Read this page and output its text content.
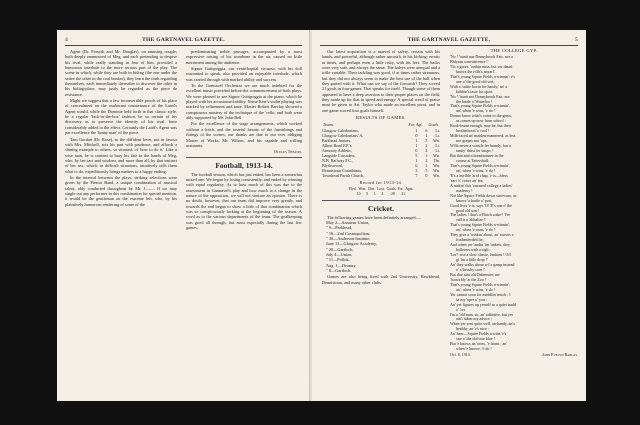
4	THE GARTNAVEL GAZETTE.

Agent (Dr. Forsyth and Mr. Douglas), on amusing couple; both deeply enamoured of Meg, and each pretending to despise his rival, while really standing in fear of him, provided a humorous interlude to the more serious part of the play. The scene in which, while they are both in hiding (the one under the settee the other in the coal bunker), they learn the truth regarding themselves, each immediately thereafter to discover the other in his hiding-place, may justly be regarded as the piece de resistance.

Might we suggest that a few inconvertible proofs of his place of concealment on the exuberant countenance of the Laird's Agent would, while the Dominie held forth in that classic style, be a regular 'Jack-in-the-box' fashion, be so certain of his discovery as to preserve the identity of his rival, have considerably added to the effect. Certainly the Laird's Agent was par excellence the 'funny man' of the piece.

Tam Gordon (Dr. Rose), as the diffident lover, not in favour with Mrs. Mitchell, acts his part with prudence, and affords a shining example to others, so situated, of 'how to do it.' Like a wise man, he is content to bury his fate in the hands of Meg, who, by her tact and wisdom, and more than all, by that instinct of her sex, which, in difficult situations, intuitively tells them what to do, expeditiously brings matters to a happy ending.

In the interval between the plays, striking selections were given by the Pierrot Band, a unique combination of musical talent, ably conducted throughout by Mr. J——. If we may single out any performer in this combination for special mention, it would be the gentleman on the extreme left, who, by his plaintively humorous rendering of some of the

predominating treble passages, accompanied by a most expressive raising of his trombone in the air, caused no little merriment among the audience.

Signor Guttipoggia, our ventriloquial virtuoso, with his doll warranted to speak, also provided an enjoyable interlude, which was carried through with marked ability and success.

To the Gartnavel Orchestra we are much indebted for the excellent music provided before the commencement of both plays. We were pleased to see Signor Guttipoggia at the piano, which he played with his accustomed ability. Nurse Kerr's violin playing was marked by refinement and taste. Master Robert Barclay showed a conspicuous mastery of the technique of the 'cello, and both were ably supported by Mr. John Bell.

For the excellence of the stage arrangements, which worked without a hitch, and the tasteful beauty of the furnishings and fittings of the scenes, our thanks are due to our ever obliging Master of Works, Mr. Wilson, and his capable and willing assistants.

Oculus Theatri.
Football, 1913-14.

The football season, which has just ended, has been a somewhat mixed one. We began by losing consistently, and ended by winning with equal regularity. As to how much of this was due to the assessment in Gartnavel's play and how much to a change in the nature of the opposition, we will not venture an opinion. There is no doubt, however, that our team did improve very greatly, and towards the end began to show a little of that combination which was so conspicuously lacking at the beginning of the season. A word as to the various departments of the team. The goalkeeping was good all through, but most especially during the last few games,

THE GARTNAVEL GAZETTE.	5

Our latest acquisition is a marvel of safety, certain with his hands, and powerful, although rather uncouth, in his kicking; erratic at times, and perhaps even a little risky, with his feet. The backs were very safe, and always the same. The halves were unequal and a trifle variable. Their tackling was good, if at times rather strenuous, but they did not always seem to make the best use of the ball when they parted with it. What can we say of the forwards? They scored 21 goals in four games. That speaks for itself. Though some of them appeared to have a deep aversion to their proper places on the field, they made up for that in speed and energy. A special word of praise must be given to Art. Taylor who made an excellent pivot, and in one game scored four goals himself.

RESULTS OF GAMES.
Teams.	For. Agt.		Goals.
Glasgow Caledonians,	1	6	Lt.
Glasgow Caledonians' A,	0	1	Lt.
Parkhead Juniors,	1	5	Wn.
Albert Road F.P.'s,	1	2	Lt.
Armoury Athletic,	0	2	Lt.
Langside Crusaders,	5	1	Wn.
N.B. Railway F.C.,	1	1	Dn.
Blythswood,	6	1	Wn.
Dennistoun Corinthians,	3	5	Wn.
Townhead Parish Church,	7	0	Wn.
Record for 1913-14.
Plyd.  Won.  Drn.  Lost.  Goals: For.  Agst.
10      5      1      4        28       21
Cricket.

The following games have been definitely arranged:—

May 2—Amateur Union,
" 9—Parkhead,
" 16—2nd Cosmopolitan,
" 30—Anderson Institute,
June 13—Glasgow Academy,
" 20—Gartloch,
July 4—Union,
" 11—Pollok,
Aug. 1—Drumry,
" 8—Gartloch.

Games are also being fixed with 2nd University, Hawkhead, Dennistoun, and many other clubs.

THE COLLEGE GYP.
'No ! 'tainit nae Dennybrook Fair, nor a
Bhlyran convulscence !'
'Tis a grave, 'oathin miss, but ver daunt
knows the rolls's anyarl',
That's young Squire Fields a-winnin'; e's
one o' the good old sort,
With a 'saftie bavin for handy,' an' a
bobbin's taste for sport.
'No ! 'tainit not Donnybrook Fair, nor
the battle o' Waterloo !
That's young Squire Fields a-winnin',
an', when 'e wins, 'e do !
Donno know what's come to the gents,
as comes up now from school :
Book-learnt enough, may be, but their
brotherhood 'o cool !
Milk-faced an' maiden-mannered, as less
nor grapes nor 'ops,
Wi'th never a waistle fer brandy, but a
tanity' thirst fer snops !
But that aint a breadwinner in the
course at Tattershall,
That's young Squire Fields a-winnin',
an', when 'e wins, 'e do !
'E's a terrible 'arrd chap, 'e is—bless
'eart 'o' cotter an' tea,
A makin' this 'onoured college a ladies'
academy !
Not like Squire Fields down stair-case, as
knows 'a bottle o' port,
Good liver 'e is, says 'O! 'E's one o' the
good old sort !
The ladies ! that's a Hutch wake ! Yer
call it a 'alibalize !'
That's young Squire Fields a-winnin',
an', when 'e wins, 'e do !
They give a 'winkin' about, an' swears a
fruthenlerded lie,
And when yer 'andin 'im 'ankets, they
hollerers with a sigh :
'Lor'! wot a slow cheste, Junkins ! Oi'l
gi 'im a little drop !'
An' they walks about wi' a gamp instead
o' a 'brushy cron !'
But that aint old Dabenster, me
'horrorbly' at the Zoo !
That's young Squire Fields a-winnin',
an', when 'e wins, 'e do !
Yer cannot soon for meddlin' much ; I
sa my 'opre o' you :
An' yer figures up yerself as a quiet tradd
o' 'ori.
I'm a 'old man, sir, an' talkative, but yer
ain't taken my advice ;
When yer sent quite well, an-handy, an'a
healthy, an 'e's nice :
An' hear—Squire Fields a-wins 'e's
one o' the old true blue !
But 'e knows an 'ortes, 'e fromt ; an'
when 'e knowe, 'e do !
Oct. 8, 1913.	John Evelyn Barlas.
